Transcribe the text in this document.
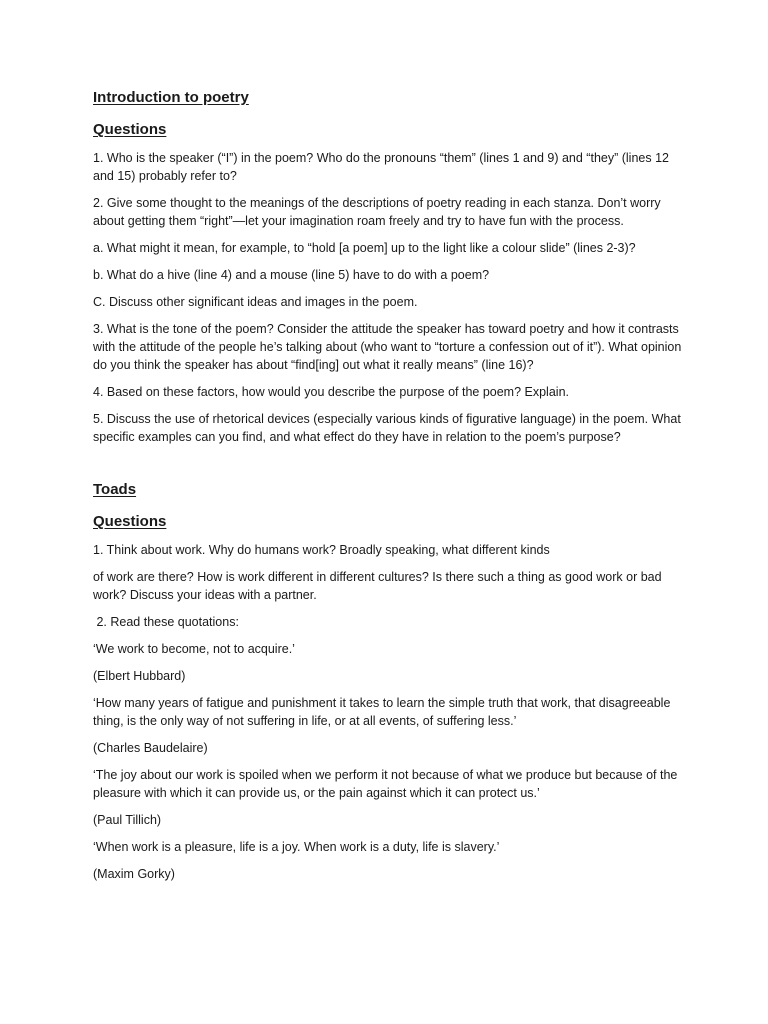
Introduction to poetry
Questions

1. Who is the speaker (“I”) in the poem? Who do the pronouns “them” (lines 1 and 9) and “they” (lines 12 and 15) probably refer to?

2. Give some thought to the meanings of the descriptions of poetry reading in each stanza. Don’t worry about getting them “right”—let your imagination roam freely and try to have fun with the process.

a. What might it mean, for example, to “hold [a poem] up to the light like a colour slide” (lines 2-3)?

b. What do a hive (line 4) and a mouse (line 5) have to do with a poem?

C. Discuss other significant ideas and images in the poem.

3. What is the tone of the poem? Consider the attitude the speaker has toward poetry and how it contrasts with the attitude of the people he’s talking about (who want to “torture a confession out of it”). What opinion do you think the speaker has about “find[ing] out what it really means” (line 16)?

4. Based on these factors, how would you describe the purpose of the poem? Explain.

5. Discuss the use of rhetorical devices (especially various kinds of figurative language) in the poem. What specific examples can you find, and what effect do they have in relation to the poem’s purpose?

Toads
Questions

1. Think about work. Why do humans work? Broadly speaking, what different kinds

of work are there? How is work different in different cultures? Is there such a thing as good work or bad work? Discuss your ideas with a partner.

2. Read these quotations:

‘We work to become, not to acquire.’

(Elbert Hubbard)

‘How many years of fatigue and punishment it takes to learn the simple truth that work, that disagreeable thing, is the only way of not suffering in life, or at all events, of suffering less.’

(Charles Baudelaire)

‘The joy about our work is spoiled when we perform it not because of what we produce but because of the pleasure with which it can provide us, or the pain against which it can protect us.’

(Paul Tillich)

‘When work is a pleasure, life is a joy. When work is a duty, life is slavery.’

(Maxim Gorky)
